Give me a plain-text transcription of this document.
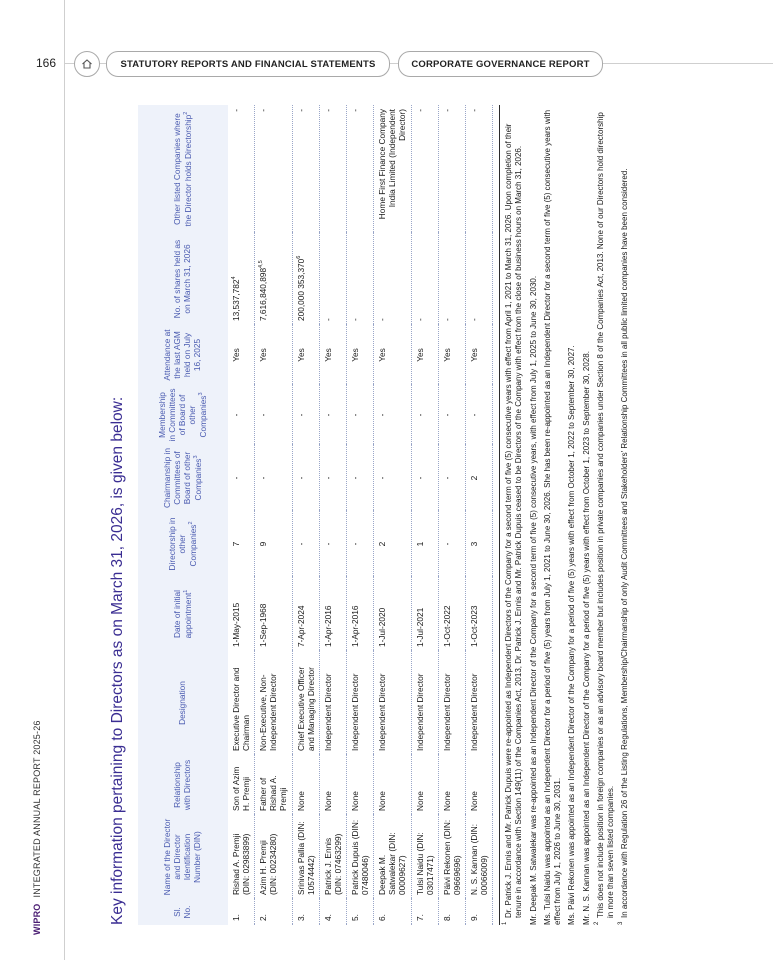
WIPROINTEGRATED ANNUAL REPORT 2025-26
166	STATUTORY REPORTS AND FINANCIAL STATEMENTS	CORPORATE GOVERNANCE REPORT
Key information pertaining to Directors as on March 31, 2026, is given below:	Sl. No.	Name of the Director and Director Identification Number (DIN)	Relationship with Directors	Designation	Date of initial appointment$^1$	Directorship in other Companies$^2$	Chairmanship in Committees of Board of other Companies$^3$	Membership in Committees of Board of other Companies$^3$	Attendance at the last AGM held on July 16, 2025	No. of shares held as on March 31, 2026	Other listed Companies where the Director holds Directorship$^2$
1.	Rishad A. Premji (DIN: 02983899)	Son of Azim H. Premji	Executive Director and Chairman	1-May-2015	7	-	-	Yes	13,537,782$^4$	-
2.	Azim H. Premji (DIN: 00234280)	Father of Rishad A. Premji	Non-Executive, Non-Independent Director	1-Sep-1968	9	-	-	Yes	7,616,840,898$^{4,5}$	-
3.	Srinivas Pallia (DIN: 10574442)	None	Chief Executive Officer and Managing Director	7-Apr-2024	-	-	-	Yes	200,000 353,370$^6$	-
4.	Patrick J. Ennis (DIN: 07463299)	None	Independent Director	1-Apr-2016	-	-	-	Yes	-	-
5.	Patrick Dupuis (DIN: 07480046)	None	Independent Director	1-Apr-2016	-	-	-	Yes	-	-
6.	Deepak M. Satwalekar (DIN: 00009627)	None	Independent Director	1-Jul-2020	2	-	-	Yes	-	Home First Finance Company India Limited (Independent Director)
7.	Tulsi Naidu (DIN: 03017471)	None	Independent Director	1-Jul-2021	1	-	-	Yes	-	-
8.	Päivi Rekonen (DIN: 09669696)	None	Independent Director	1-Oct-2022	-	-	-	Yes	-	-
9.	N. S. Kannan (DIN: 00066009)	None	Independent Director	1-Oct-2023	3	2	-	Yes	-	-

1
Dr. Patrick J. Ennis and Mr. Patrick Dupuis were re-appointed as Independent Directors of the Company for a second term of five (5) consecutive years with effect from April 1, 2021 to March 31, 2026. Upon completion of their tenure in accordance with Section 149(11) of the Companies Act, 2013, Dr. Patrick J. Ennis and Mr. Patrick Dupuis ceased to be Directors of the Company with effect from the close of business hours on March 31, 2026. Mr. Deepak M. Satwalekar was re-appointed as an Independent Director of the Company for a second term of five (5) consecutive years, with effect from July 1, 2025 to June 30, 2030. Ms. Tulsi Naidu was appointed as an Independent Director for a period of five (5) years from July 1, 2021 to June 30, 2026. She has been re-appointed as an Independent Director for a second term of five (5) consecutive years with effect from July 1, 2026 to June 30, 2031. Ms. Päivi Rekonen was appointed as an Independent Director of the Company for a period of five (5) years with effect from October 1, 2022 to September 30, 2027. Mr. N. S. Kannan was appointed as an Independent Director of the Company for a period of five (5) years with effect from October 1, 2023 to September 30, 2028. 2
This does not include position in foreign companies or as an advisory board member but includes position in private companies and companies under Section 8 of the Companies Act, 2013. None of our Directors hold directorship in more than seven listed companies.

3
In accordance with Regulation 26 of the Listing Regulations, Membership/Chairmanship of only Audit Committees and Stakeholders' Relationship Committees in all public limited companies have been considered.
